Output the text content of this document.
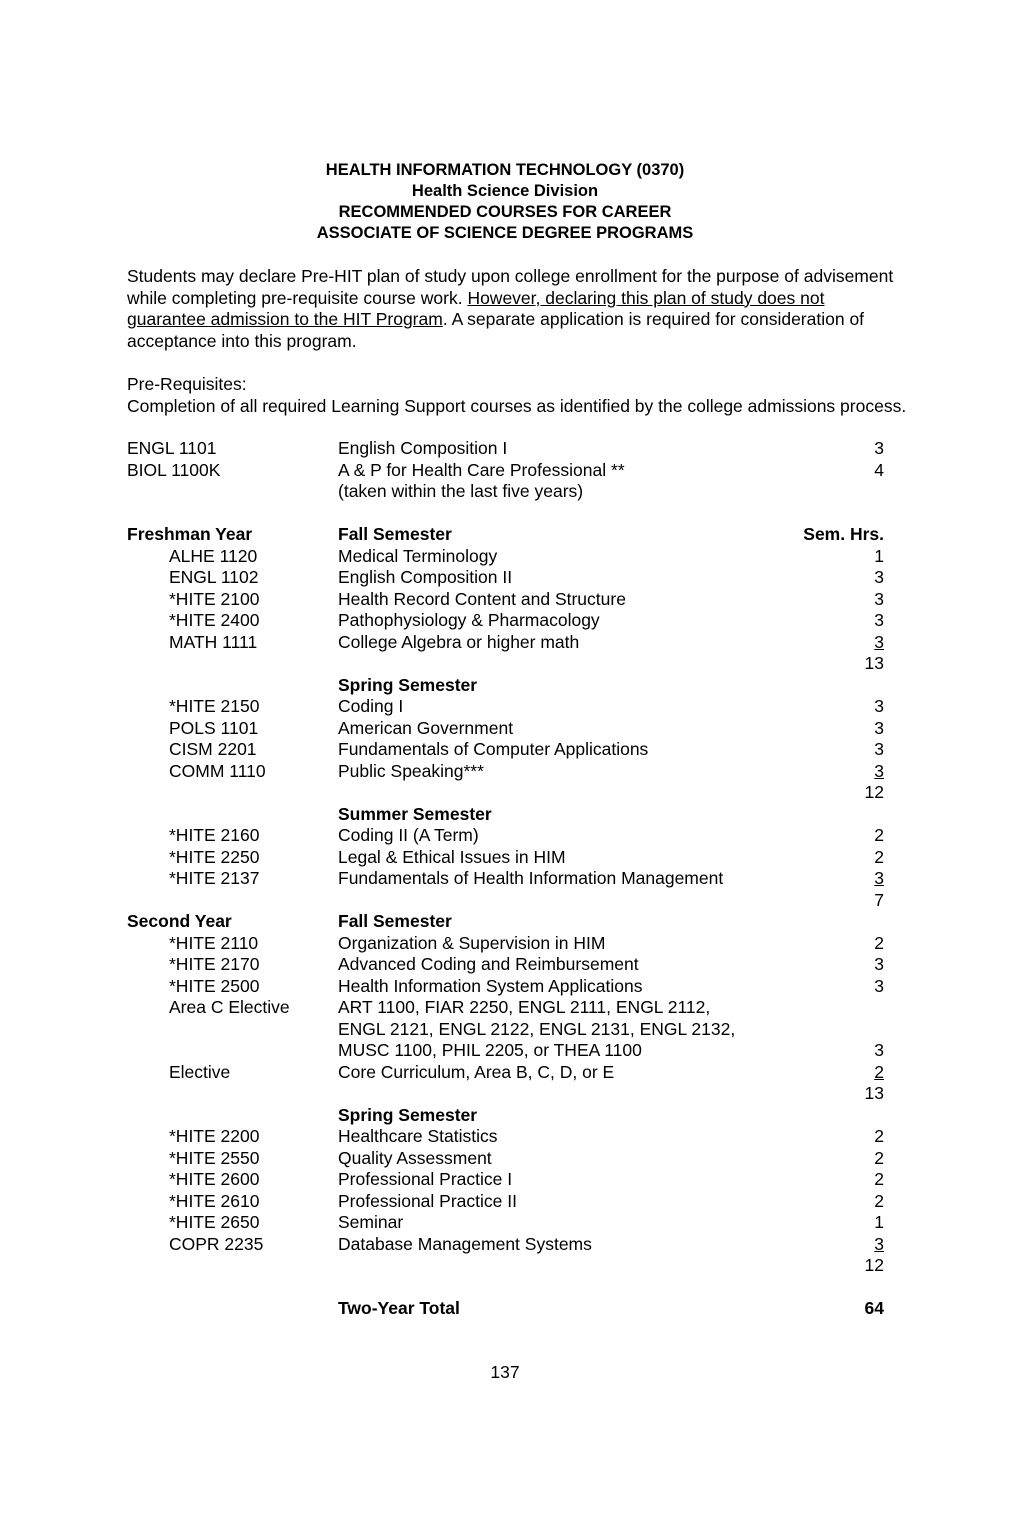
HEALTH INFORMATION TECHNOLOGY (0370)
Health Science Division
RECOMMENDED COURSES FOR CAREER
ASSOCIATE OF SCIENCE DEGREE PROGRAMS
Students may declare Pre-HIT plan of study upon college enrollment for the purpose of advisement while completing pre-requisite course work. However, declaring this plan of study does not guarantee admission to the HIT Program. A separate application is required for consideration of acceptance into this program.
Pre-Requisites:
Completion of all required Learning Support courses as identified by the college admissions process.
ENGL 1101	English Composition I	3
BIOL 1100K	A & P for Health Care Professional **	4
(taken within the last five years)
Freshman Year	Fall Semester	Sem. Hrs.
ALHE 1120	Medical Terminology	1
ENGL 1102	English Composition II	3
*HITE 2100	Health Record Content and Structure	3
*HITE 2400	Pathophysiology & Pharmacology	3
MATH 1111	College Algebra or higher math	3
13
Spring Semester
*HITE 2150	Coding I	3
POLS 1101	American Government	3
CISM 2201	Fundamentals of Computer Applications	3
COMM 1110	Public Speaking***	3
12
Summer Semester
*HITE 2160	Coding II (A Term)	2
*HITE 2250	Legal & Ethical Issues in HIM	2
*HITE 2137	Fundamentals of Health Information Management	3
7
Second Year	Fall Semester
*HITE 2110	Organization & Supervision in HIM	2
*HITE 2170	Advanced Coding and Reimbursement	3
*HITE 2500	Health Information System Applications	3
Area C Elective	ART 1100, FIAR 2250, ENGL 2111, ENGL 2112,
ENGL 2121, ENGL 2122, ENGL 2131, ENGL 2132,
MUSC 1100, PHIL 2205, or THEA 1100	3
Elective	Core Curriculum, Area B, C, D, or E	2
13
Spring Semester
*HITE 2200	Healthcare Statistics	2
*HITE 2550	Quality Assessment	2
*HITE 2600	Professional Practice I	2
*HITE 2610	Professional Practice II	2
*HITE 2650	Seminar	1
COPR 2235	Database Management Systems	3
12
Two-Year Total	64
137
